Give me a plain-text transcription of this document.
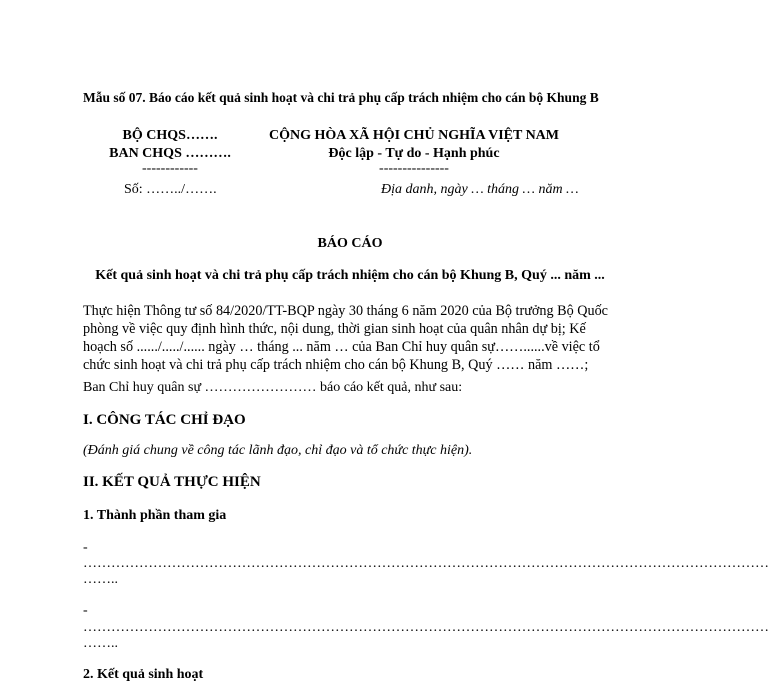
Mẫu số 07. Báo cáo kết quả sinh hoạt và chi trả phụ cấp trách nhiệm cho cán bộ Khung B
BỘ CHQS…….
BAN CHQS ……….
------------
Số: ……../…….
CỘNG HÒA XÃ HỘI CHỦ NGHĨA VIỆT NAM
Độc lập - Tự do - Hạnh phúc
---------------
Địa danh, ngày … tháng … năm …
BÁO CÁO
Kết quả sinh hoạt và chi trả phụ cấp trách nhiệm cho cán bộ Khung B, Quý ... năm ...
Thực hiện Thông tư số 84/2020/TT-BQP ngày 30 tháng 6 năm 2020 của Bộ trưởng Bộ Quốc phòng về việc quy định hình thức, nội dung, thời gian sinh hoạt của quân nhân dự bị; Kế hoạch số ....../...../...... ngày … tháng ... năm … của Ban Chỉ huy quân sự……......về việc tổ chức sinh hoạt và chi trả phụ cấp trách nhiệm cho cán bộ Khung B, Quý …… năm ……;
Ban Chỉ huy quân sự …………………… báo cáo kết quả, như sau:
I. CÔNG TÁC CHỈ ĐẠO
(Đánh giá chung về công tác lãnh đạo, chỉ đạo và tổ chức thực hiện).
II. KẾT QUẢ THỰC HIỆN
1. Thành phần tham gia
-
…………………………………………………………………………………………………………………………………
……..
-
…………………………………………………………………………………………………………………………………
……..
2. Kết quả sinh hoạt
